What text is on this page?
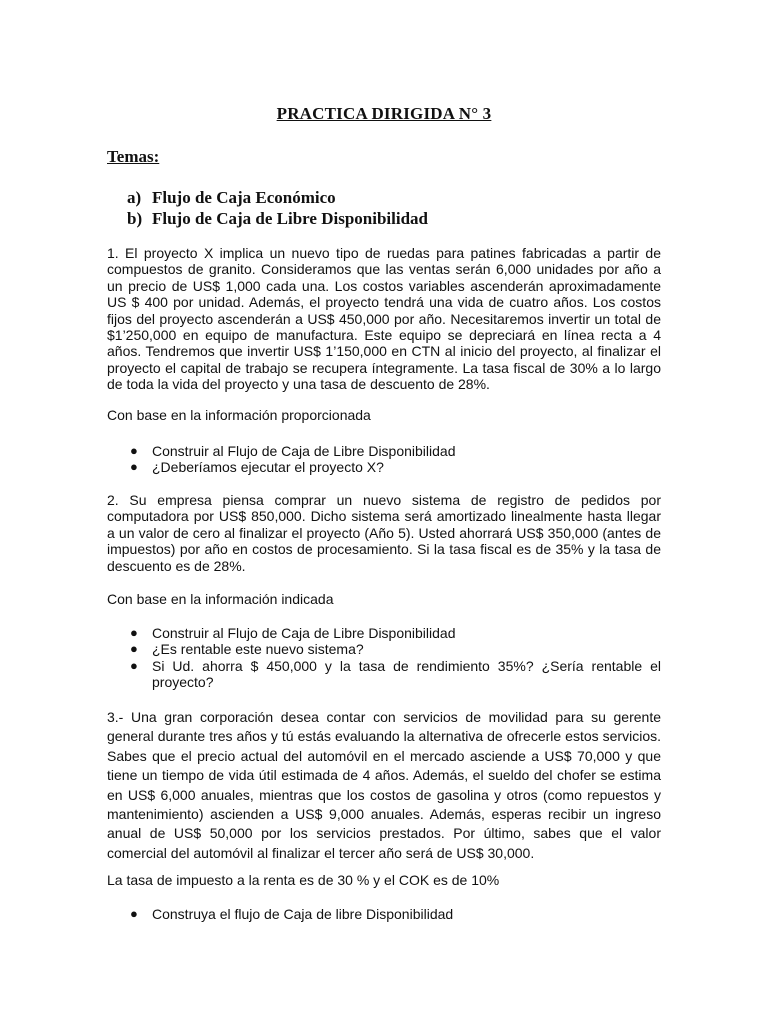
PRACTICA DIRIGIDA N° 3

Temas:

a) Flujo de Caja Económico
b) Flujo de Caja de Libre Disponibilidad

1. El proyecto X implica un nuevo tipo de ruedas para patines fabricadas a partir de compuestos de granito. Consideramos que las ventas serán 6,000 unidades por año a un precio de US$ 1,000 cada una. Los costos variables ascenderán aproximadamente US $ 400 por unidad. Además, el proyecto tendrá una vida de cuatro años. Los costos fijos del proyecto ascenderán a US$ 450,000 por año. Necesitaremos invertir un total de $1’250,000 en equipo de manufactura. Este equipo se depreciará en línea recta a 4 años. Tendremos que invertir US$ 1’150,000 en CTN al inicio del proyecto, al finalizar el proyecto el capital de trabajo se recupera íntegramente. La tasa fiscal de 30% a lo largo de toda la vida del proyecto y una tasa de descuento de 28%.

Con base en la información proporcionada

● Construir al Flujo de Caja de Libre Disponibilidad
● ¿Deberíamos ejecutar el proyecto X?

2. Su empresa piensa comprar un nuevo sistema de registro de pedidos por computadora por US$ 850,000. Dicho sistema será amortizado linealmente hasta llegar a un valor de cero al finalizar el proyecto (Año 5). Usted ahorrará US$ 350,000 (antes de impuestos) por año en costos de procesamiento. Si la tasa fiscal es de 35% y la tasa de descuento es de 28%.

Con base en la información indicada

● Construir al Flujo de Caja de Libre Disponibilidad
● ¿Es rentable este nuevo sistema?
● Si Ud. ahorra $ 450,000 y la tasa de rendimiento 35%? ¿Sería rentable el proyecto?

3.- Una gran corporación desea contar con servicios de movilidad para su gerente general durante tres años y tú estás evaluando la alternativa de ofrecerle estos servicios. Sabes que el precio actual del automóvil en el mercado asciende a US$ 70,000 y que tiene un tiempo de vida útil estimada de 4 años. Además, el sueldo del chofer se estima en US$ 6,000 anuales, mientras que los costos de gasolina y otros (como repuestos y mantenimiento) ascienden a US$ 9,000 anuales. Además, esperas recibir un ingreso anual de US$ 50,000 por los servicios prestados. Por último, sabes que el valor comercial del automóvil al finalizar el tercer año será de US$ 30,000.

La tasa de impuesto a la renta es de 30 % y el COK es de 10%

● Construya el flujo de Caja de libre Disponibilidad
